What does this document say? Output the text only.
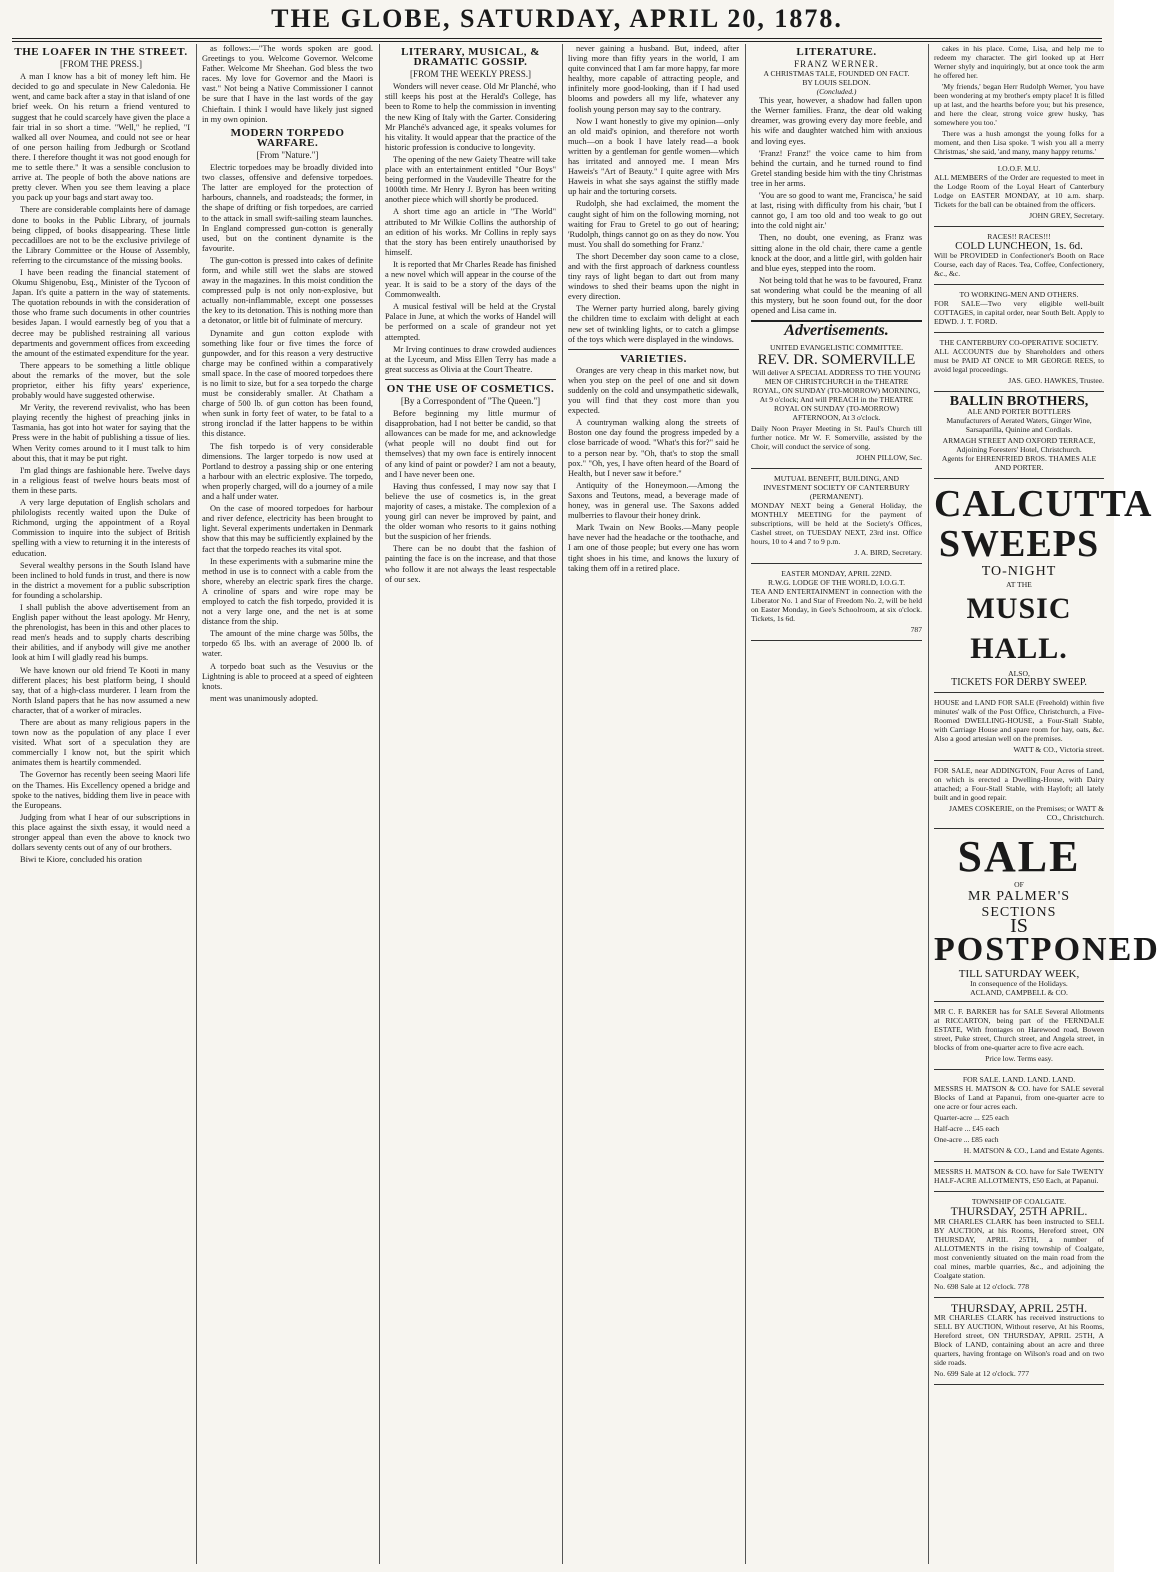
THE GLOBE, SATURDAY, APRIL 20, 1878.
THE LOAFER IN THE STREET.
[FROM THE PRESS.]

A man I know has a bit of money left him. He decided to go and speculate in New Caledonia. He went, and came back after a stay in that island of one brief week. On his return a friend ventured to suggest that he could scarcely have given the place a fair trial in so short a time. "Well," he replied, "I walked all over Noumea, and could not see or hear of one person hailing from Jedburgh or Scotland there. I therefore thought it was not good enough for me to settle there." It was a sensible conclusion to arrive at. The people of both the above nations are pretty clever. When you see them leaving a place you pack up your bags and start away too.

There are considerable complaints here of damage done to books in the Public Library, of journals being clipped, of books disappearing. These little peccadilloes are not to be the exclusive privilege of the Library Committee or the House of Assembly, referring to the circumstance of the missing books.

I have been reading the financial statement of Okumu Shigenobu, Esq., Minister of the Tycoon of Japan. It's quite a pattern in the way of statements. The quotation rebounds in with the consideration of those who frame such documents in other countries besides Japan. I would earnestly beg of you that a decree may be published restraining all various departments and government offices from exceeding the amount of the estimated expenditure for the year.

There appears to be something a little oblique about the remarks of the mover, but the sole proprietor, either his fifty years' experience, probably would have suggested otherwise.

Mr Verity, the reverend revivalist, who has been playing recently the highest of preaching jinks in Tasmania, has got into hot water for saying that the Press were in the habit of publishing a tissue of lies. When Verity comes around to it I must talk to him about this, that it may be put right.

I'm glad things are fashionable here. Twelve days in a religious feast of twelve hours beats most of them in these parts.

A very large deputation of English scholars and philologists recently waited upon the Duke of Richmond, urging the appointment of a Royal Commission to inquire into the subject of British spelling with a view to returning it in the interests of education.

Several wealthy persons in the South Island have been inclined to hold funds in trust, and there is now in the district a movement for a public subscription for founding a scholarship.

I shall publish the above advertisement from an English paper without the least apology. Mr Henry, the phrenologist, has been in this and other places to read men's heads and to supply charts describing their abilities, and if anybody will give me another look at him I will gladly read his bumps.

We have known our old friend Te Kooti in many different places; his best platform being, I should say, that of a high-class murderer. I learn from the North Island papers that he has now assumed a new character, that of a worker of miracles.

There are about as many religious papers in the town now as the population of any place I ever visited. What sort of a speculation they are commercially I know not, but the spirit which animates them is heartily commended.

The Governor has recently been seeing Maori life on the Thames. His Excellency opened a bridge and spoke to the natives, bidding them live in peace with the Europeans.

Judging from what I hear of our subscriptions in this place against the sixth essay, it would need a stronger appeal than even the above to knock two dollars seventy cents out of any of our brothers.

Biwi te Kiore, concluded his oration

as follows:—"The words spoken are good. Greetings to you. Welcome Governor. Welcome Father. Welcome Mr Sheehan. God bless the two races. My love for Governor and the Maori is vast." Not being a Native Commissioner I cannot be sure that I have in the last words of the gay Chieftain. I think I would have likely just signed in my own opinion.

MODERN TORPEDO WARFARE.
[From "Nature."]

Electric torpedoes may be broadly divided into two classes, offensive and defensive torpedoes. The latter are employed for the protection of harbours, channels, and roadsteads; the former, in the shape of drifting or fish torpedoes, are carried to the attack in small swift-sailing steam launches. In England compressed gun-cotton is generally used, but on the continent dynamite is the favourite.

The gun-cotton is pressed into cakes of definite form, and while still wet the slabs are stowed away in the magazines. In this moist condition the compressed pulp is not only non-explosive, but actually non-inflammable, except one possesses the key to its detonation. This is nothing more than a detonator, or little bit of fulminate of mercury.

Dynamite and gun cotton explode with something like four or five times the force of gunpowder, and for this reason a very destructive charge may be confined within a comparatively small space. In the case of moored torpedoes there is no limit to size, but for a sea torpedo the charge must be considerably smaller. At Chatham a charge of 500 lb. of gun cotton has been found, when sunk in forty feet of water, to be fatal to a strong ironclad if the latter happens to be within this distance.

The fish torpedo is of very considerable dimensions. The larger torpedo is now used at Portland to destroy a passing ship or one entering a harbour with an electric explosive. The torpedo, when properly charged, will do a journey of a mile and a half under water.

On the case of moored torpedoes for harbour and river defence, electricity has been brought to light. Several experiments undertaken in Denmark show that this may be sufficiently explained by the fact that the torpedo reaches its vital spot.

In these experiments with a submarine mine the method in use is to connect with a cable from the shore, whereby an electric spark fires the charge. A crinoline of spars and wire rope may be employed to catch the fish torpedo, provided it is not a very large one, and the net is at some distance from the ship.

The amount of the mine charge was 50lbs, the torpedo 65 lbs. with an average of 2000 lb. of water.

A torpedo boat such as the Vesuvius or the Lightning is able to proceed at a speed of eighteen knots.

ment was unanimously adopted.

LITERARY, MUSICAL, & DRAMATIC GOSSIP.
[FROM THE WEEKLY PRESS.]

Wonders will never cease. Old Mr Planché, who still keeps his post at the Herald's College, has been to Rome to help the commission in inventing the new King of Italy with the Garter. Considering Mr Planché's advanced age, it speaks volumes for his vitality. It would appear that the practice of the historic profession is conducive to longevity.

The opening of the new Gaiety Theatre will take place with an entertainment entitled "Our Boys" being performed in the Vaudeville Theatre for the 1000th time. Mr Henry J. Byron has been writing another piece which will shortly be produced.

A short time ago an article in "The World" attributed to Mr Wilkie Collins the authorship of an edition of his works. Mr Collins in reply says that the story has been entirely unauthorised by himself.

It is reported that Mr Charles Reade has finished a new novel which will appear in the course of the year. It is said to be a story of the days of the Commonwealth.

A musical festival will be held at the Crystal Palace in June, at which the works of Handel will be performed on a scale of grandeur not yet attempted.

Mr Irving continues to draw crowded audiences at the Lyceum, and Miss Ellen Terry has made a great success as Olivia at the Court Theatre.

ON THE USE OF COSMETICS.
[By a Correspondent of "The Queen."]

Before beginning my little murmur of disapprobation, had I not better be candid, so that allowances can be made for me, and acknowledge (what people will no doubt find out for themselves) that my own face is entirely innocent of any kind of paint or powder? I am not a beauty, and I have never been one.

Having thus confessed, I may now say that I believe the use of cosmetics is, in the great majority of cases, a mistake. The complexion of a young girl can never be improved by paint, and the older woman who resorts to it gains nothing but the suspicion of her friends.

There can be no doubt that the fashion of painting the face is on the increase, and that those who follow it are not always the least respectable of our sex.

never gaining a husband. But, indeed, after living more than fifty years in the world, I am quite convinced that I am far more happy, far more healthy, more capable of attracting people, and infinitely more good-looking, than if I had used blooms and powders all my life, whatever any foolish young person may say to the contrary.

Now I want honestly to give my opinion—only an old maid's opinion, and therefore not worth much—on a book I have lately read—a book written by a gentleman for gentle women—which has irritated and annoyed me. I mean Mrs Haweis's "Art of Beauty." I quite agree with Mrs Haweis in what she says against the stiffly made up hair and the torturing corsets.

Rudolph, she had exclaimed, the moment the caught sight of him on the following morning, not waiting for Frau to Gretel to go out of hearing; 'Rudolph, things cannot go on as they do now. You must. You shall do something for Franz.'

The short December day soon came to a close, and with the first approach of darkness countless tiny rays of light began to dart out from many windows to shed their beams upon the night in every direction.

The Werner party hurried along, barely giving the children time to exclaim with delight at each new set of twinkling lights, or to catch a glimpse of the toys which were displayed in the windows.

VARIETIES.

Oranges are very cheap in this market now, but when you step on the peel of one and sit down suddenly on the cold and unsympathetic sidewalk, you will find that they cost more than you expected.

A countryman walking along the streets of Boston one day found the progress impeded by a close barricade of wood. "What's this for?" said he to a person near by. "Oh, that's to stop the small pox." "Oh, yes, I have often heard of the Board of Health, but I never saw it before."

Antiquity of the Honeymoon.—Among the Saxons and Teutons, mead, a beverage made of honey, was in general use. The Saxons added mulberries to flavour their honey drink.

Mark Twain on New Books.—Many people have never had the headache or the toothache, and I am one of those people; but every one has worn tight shoes in his time, and knows the luxury of taking them off in a retired place.

LITERATURE.
FRANZ WERNER.
A CHRISTMAS TALE, FOUNDED ON FACT.
BY LOUIS SELDON.
(Concluded.)

This year, however, a shadow had fallen upon the Werner families. Franz, the dear old waking dreamer, was growing every day more feeble, and his wife and daughter watched him with anxious and loving eyes.

'Franz! Franz!' the voice came to him from behind the curtain, and he turned round to find Gretel standing beside him with the tiny Christmas tree in her arms.

'You are so good to want me, Francisca,' he said at last, rising with difficulty from his chair, 'but I cannot go, I am too old and too weak to go out into the cold night air.'

Then, no doubt, one evening, as Franz was sitting alone in the old chair, there came a gentle knock at the door, and a little girl, with golden hair and blue eyes, stepped into the room.

Not being told that he was to be favoured, Franz sat wondering what could be the meaning of all this mystery, but he soon found out, for the door opened and Lisa came in.

Advertisements.
UNITED EVANGELISTIC COMMITTEE.
REV. DR. SOMERVILLE

Will deliver A SPECIAL ADDRESS TO THE YOUNG MEN OF CHRISTCHURCH in the THEATRE ROYAL, ON SUNDAY (TO-MORROW) MORNING, At 9 o'clock; And will PREACH in the THEATRE ROYAL ON SUNDAY (TO-MORROW) AFTERNOON, At 3 o'clock.

Daily Noon Prayer Meeting in St. Paul's Church till further notice. Mr W. F. Somerville, assisted by the Choir, will conduct the service of song.

JOHN PILLOW, Sec.

MUTUAL BENEFIT, BUILDING, AND INVESTMENT SOCIETY OF CANTERBURY (PERMANENT).

MONDAY NEXT being a General Holiday, the MONTHLY MEETING for the payment of subscriptions, will be held at the Society's Offices, Cashel street, on TUESDAY NEXT, 23rd inst. Office hours, 10 to 4 and 7 to 9 p.m.

J. A. BIRD, Secretary.

EASTER MONDAY, APRIL 22ND.
R.W.G. LODGE OF THE WORLD, I.O.G.T.

TEA AND ENTERTAINMENT in connection with the Liberator No. 1 and Star of Freedom No. 2, will be held on Easter Monday, in Gee's Schoolroom, at six o'clock. Tickets, 1s 6d.

787

cakes in his place. Come, Lisa, and help me to redeem my character. The girl looked up at Herr Werner shyly and inquiringly, but at once took the arm he offered her.

'My friends,' began Herr Rudolph Werner, 'you have been wondering at my brother's empty place! It is filled up at last, and the hearths before you; but his presence, and here the clear, strong voice grew husky, 'has somewhere you too.'

There was a hush amongst the young folks for a moment, and then Lisa spoke. 'I wish you all a merry Christmas,' she said, 'and many, many happy returns.'

I.O.O.F. M.U.

ALL MEMBERS of the Order are requested to meet in the Lodge Room of the Loyal Heart of Canterbury Lodge on EASTER MONDAY, at 10 a.m. sharp. Tickets for the ball can be obtained from the officers.

JOHN GREY, Secretary.

RACES!! RACES!!!
COLD LUNCHEON, 1s. 6d.

Will be PROVIDED in Confectioner's Booth on Race Course, each day of Races. Tea, Coffee, Confectionery, &c., &c.

TO WORKING-MEN AND OTHERS.

FOR SALE—Two very eligible well-built COTTAGES, in capital order, near South Belt. Apply to EDWD. J. T. FORD.

THE CANTERBURY CO-OPERATIVE SOCIETY.

ALL ACCOUNTS due by Shareholders and others must be PAID AT ONCE to MR GEORGE REES, to avoid legal proceedings.

JAS. GEO. HAWKES, Trustee.

BALLIN BROTHERS,
ALE AND PORTER BOTTLERS

Manufacturers of Aerated Waters, Ginger Wine, Sarsaparilla, Quinine and Cordials.

ARMAGH STREET AND OXFORD TERRACE,
Adjoining Foresters' Hotel, Christchurch.

Agents for EHRENFRIED BROS. THAMES ALE AND PORTER.

CALCUTTA
SWEEPS
TO-NIGHT
AT THE
MUSIC HALL.
ALSO,
TICKETS FOR DERBY SWEEP.

HOUSE and LAND FOR SALE (Freehold) within five minutes' walk of the Post Office, Christchurch, a Five-Roomed DWELLING-HOUSE, a Four-Stall Stable, with Carriage House and spare room for hay, oats, &c. Also a good artesian well on the premises.

WATT & CO., Victoria street.

FOR SALE, near ADDINGTON, Four Acres of Land, on which is erected a Dwelling-House, with Dairy attached; a Four-Stall Stable, with Hayloft; all lately built and in good repair.

JAMES COSKERIE, on the Premises; or WATT & CO., Christchurch.

SALE
OF
MR PALMER'S SECTIONS
IS
POSTPONED
TILL SATURDAY WEEK,
In consequence of the Holidays.
ACLAND, CAMPBELL & CO.

MR C. F. BARKER has for SALE Several Allotments at RICCARTON, being part of the FERNDALE ESTATE, With frontages on Harewood road, Bowen street, Puke street, Church street, and Angela street, in blocks of from one-quarter acre to five acre each.

Price low. Terms easy.

FOR SALE. LAND. LAND. LAND.

MESSRS H. MATSON & CO. have for SALE several Blocks of Land at Papanui, from one-quarter acre to one acre or four acres each.

Quarter-acre ... £25 each

Half-acre ... £45 each

One-acre ... £85 each

H. MATSON & CO., Land and Estate Agents.

MESSRS H. MATSON & CO. have for Sale TWENTY HALF-ACRE ALLOTMENTS, £50 Each, at Papanui.

TOWNSHIP OF COALGATE.
THURSDAY, 25TH APRIL.

MR CHARLES CLARK has been instructed to SELL BY AUCTION, at his Rooms, Hereford street, ON THURSDAY, APRIL 25TH, a number of ALLOTMENTS in the rising township of Coalgate, most conveniently situated on the main road from the coal mines, marble quarries, &c., and adjoining the Coalgate station.

No. 698 Sale at 12 o'clock. 778

THURSDAY, APRIL 25TH.

MR CHARLES CLARK has received instructions to SELL BY AUCTION, Without reserve, At his Rooms, Hereford street, ON THURSDAY, APRIL 25TH, A Block of LAND, containing about an acre and three quarters, having frontage on Wilson's road and on two side roads.

No. 699 Sale at 12 o'clock. 777
